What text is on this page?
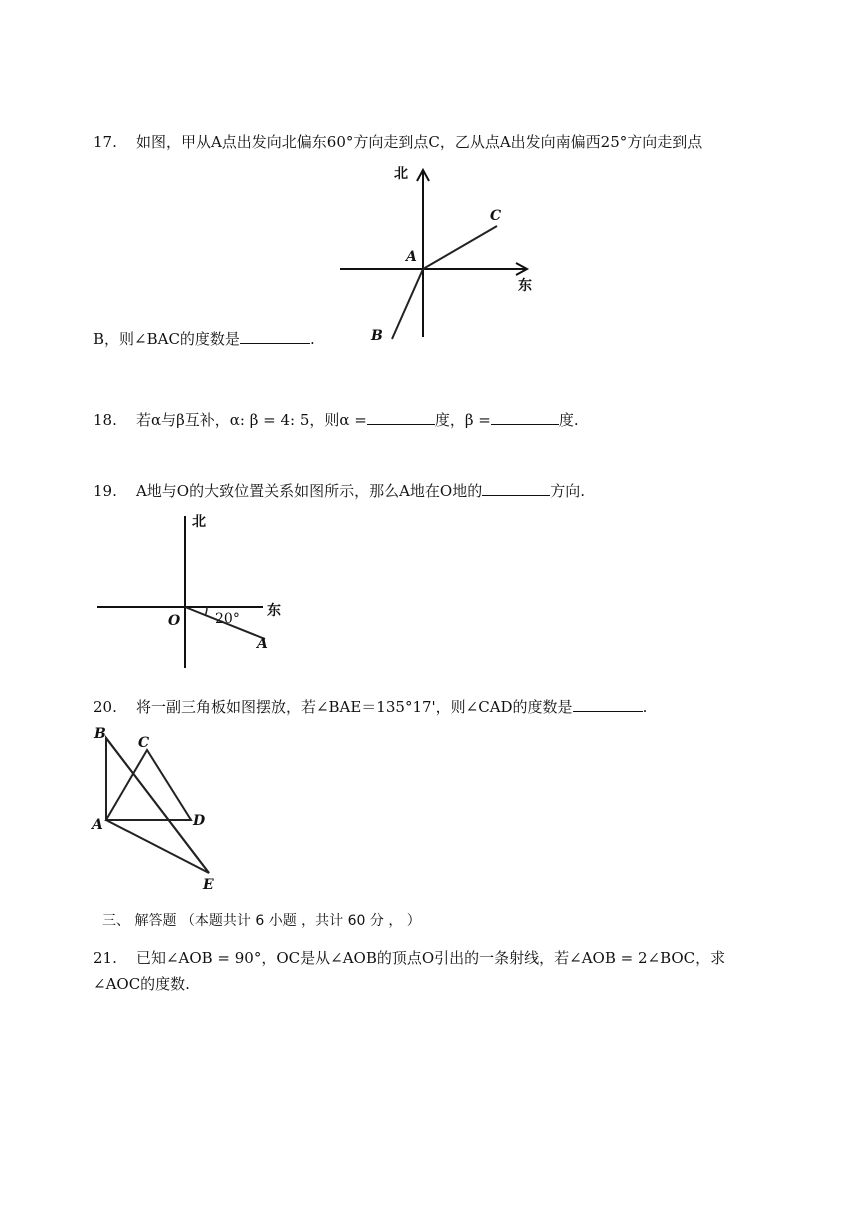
17. 如图，甲从A点出发向北偏东60°方向走到点C，乙从点A出发向南偏西25°方向走到点
北
东
A
C
B
B，则∠BAC的度数是	.
18. 若α与β互补，α: β = 4: 5，则α =	度，β =	度.
19. A地与O的大致位置关系如图所示，那么A地在O地的	方向.
北
东
O
A
20°
20. 将一副三角板如图摆放，若∠BAE＝135°17'，则∠CAD的度数是	.
B
C
A	D
E
三、 解答题 （本题共计 6 小题 ，共计 60 分 ， ）
21. 已知∠AOB = 90°，OC是从∠AOB的顶点O引出的一条射线，若∠AOB = 2∠BOC，求
∠AOC的度数.
